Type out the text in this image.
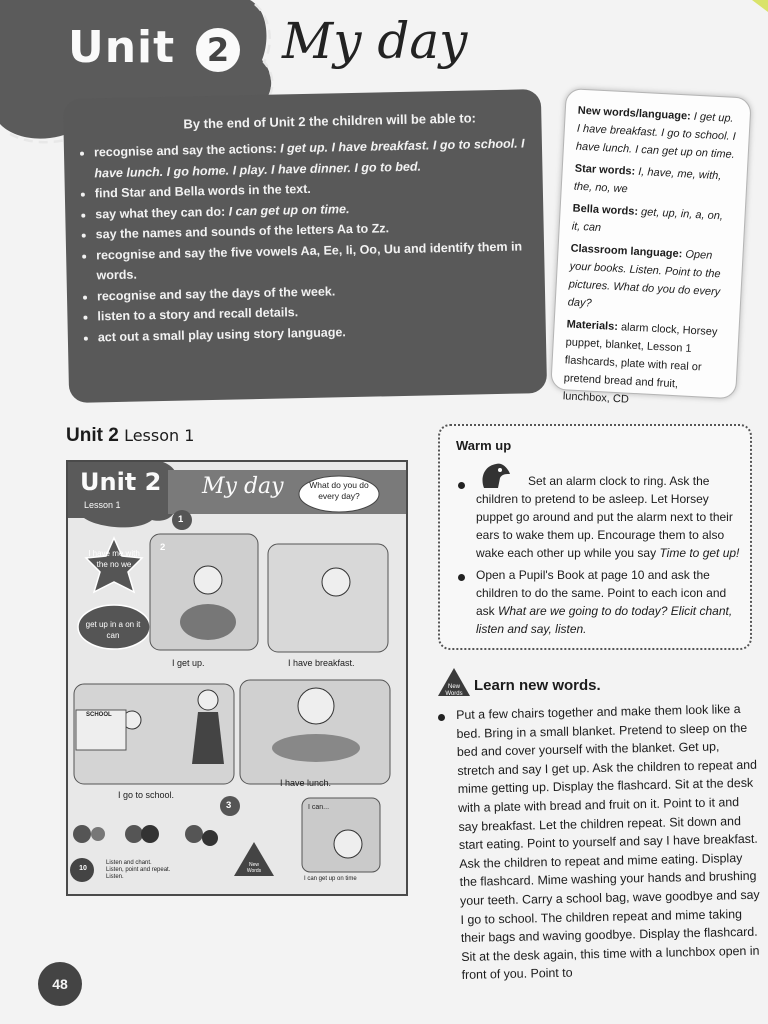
Unit 2 My day
By the end of Unit 2 the children will be able to:
• recognise and say the actions: I get up. I have breakfast. I go to school. I have lunch. I go home. I play. I have dinner. I go to bed.
• find Star and Bella words in the text.
• say what they can do: I can get up on time.
• say the names and sounds of the letters Aa to Zz.
• recognise and say the five vowels Aa, Ee, Ii, Oo, Uu and identify them in words.
• recognise and say the days of the week.
• listen to a story and recall details.
• act out a small play using story language.

New words/language: I get up. I have breakfast. I go to school. I have lunch. I can get up on time.

Star words: I, have, me, with, the, no, we

Bella words: get, up, in, a, on, it, can

Classroom language: Open your books. Listen. Point to the pictures. What do you do every day?

Materials: alarm clock, Horsey puppet, blanket, Lesson 1 flashcards, plate with real or pretend bread and fruit, lunchbox, CD

Unit 2 Lesson 1
Unit 2
Lesson 1
My day	What do you do every day?
I have me with the no we
get up in a on it can
1
2
3
SCHOOL
I can...
I get up.	I have breakfast.
I go to school.
I have lunch.
I can get up on time
10
Listen and chant.
Listen, point and repeat.
Listen.
New
Words
Warm up
Set an alarm clock to ring. Ask the children to pretend to be asleep. Let Horsey puppet go around and put the alarm next to their ears to wake them up. Encourage them to also wake each other up while you say Time to get up!
Open a Pupil's Book at page 10 and ask the children to do the same. Point to each icon and ask What are we going to do today? Elicit chant, listen and say, listen.
New
Words Learn new words.
Put a few chairs together and make them look like a bed. Bring in a small blanket. Pretend to sleep on the bed and cover yourself with the blanket. Get up, stretch and say I get up. Ask the children to repeat and mime getting up. Display the flashcard. Sit at the desk with a plate with bread and fruit on it. Point to it and say breakfast. Let the children repeat. Sit down and start eating. Point to yourself and say I have breakfast. Ask the children to repeat and mime eating. Display the flashcard. Mime washing your hands and brushing your teeth. Carry a school bag, wave goodbye and say I go to school. The children repeat and mime taking their bags and waving goodbye. Display the flashcard. Sit at the desk again, this time with a lunchbox open in front of you. Point to
48
